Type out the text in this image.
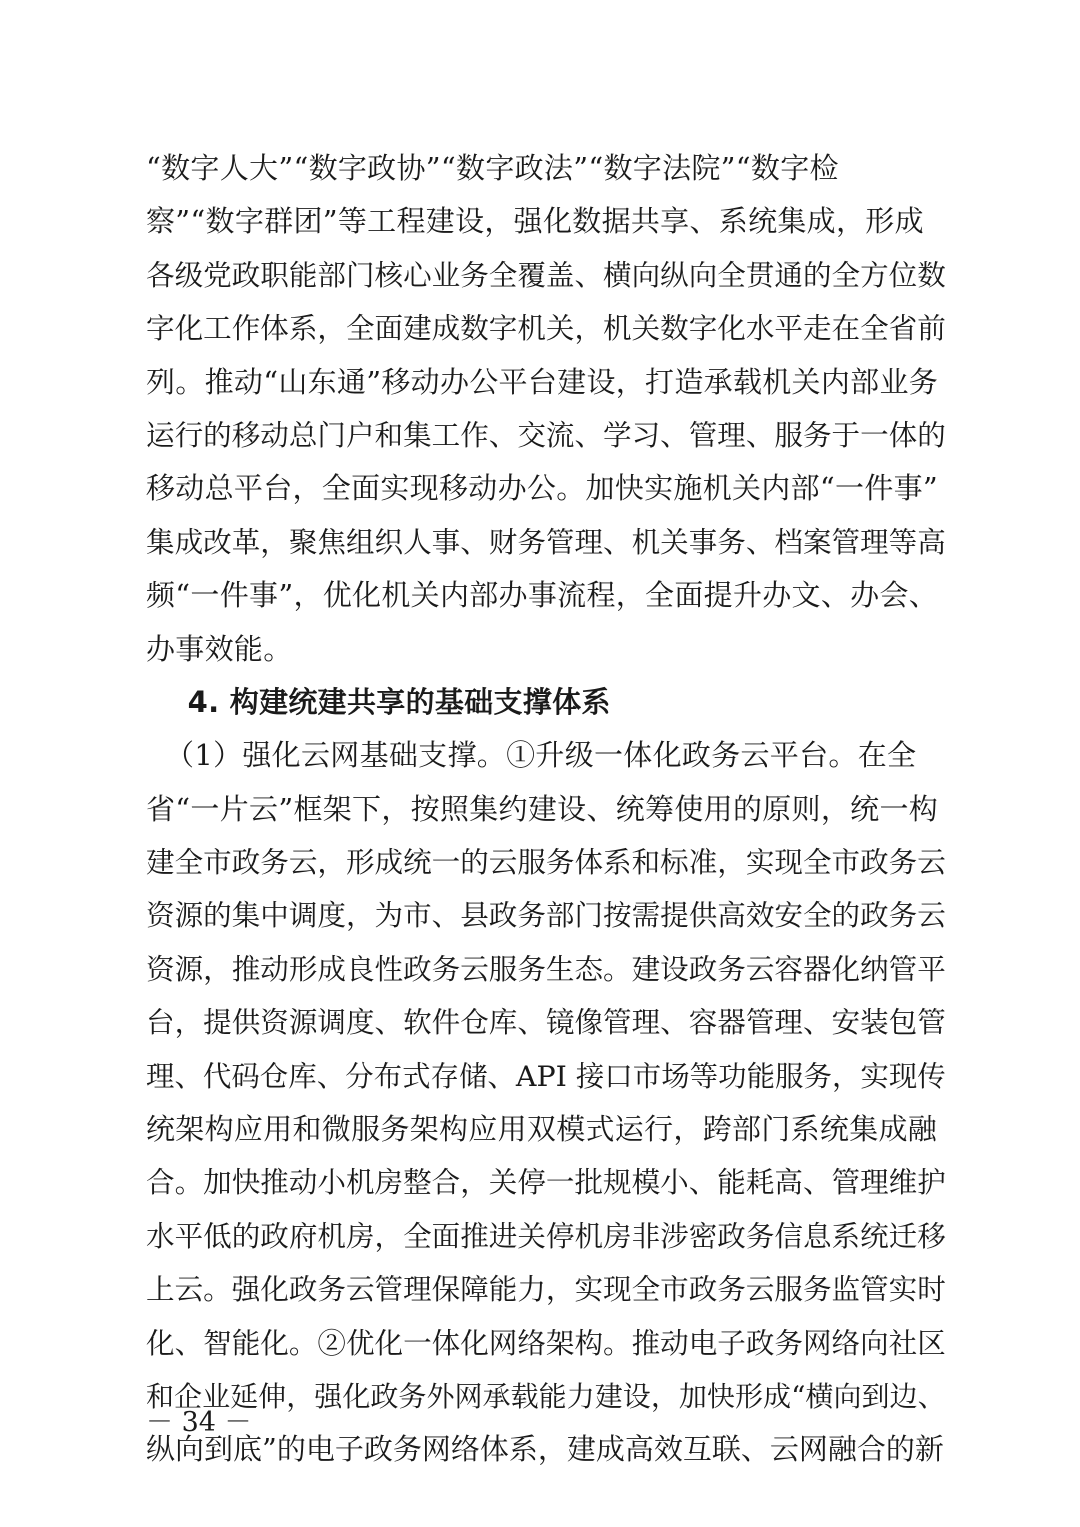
“数字人大”“数字政协”“数字政法”“数字法院”“数字检
察”“数字群团”等工程建设，强化数据共享、系统集成，形成
各级党政职能部门核心业务全覆盖、横向纵向全贯通的全方位数
字化工作体系，全面建成数字机关，机关数字化水平走在全省前
列。推动“山东通”移动办公平台建设，打造承载机关内部业务
运行的移动总门户和集工作、交流、学习、管理、服务于一体的
移动总平台，全面实现移动办公。加快实施机关内部“一件事”
集成改革，聚焦组织人事、财务管理、机关事务、档案管理等高
频“一件事”，优化机关内部办事流程，全面提升办文、办会、
办事效能。
4. 构建统建共享的基础支撑体系
（1）强化云网基础支撑。①升级一体化政务云平台。在全
省“一片云”框架下，按照集约建设、统筹使用的原则，统一构
建全市政务云，形成统一的云服务体系和标准，实现全市政务云
资源的集中调度，为市、县政务部门按需提供高效安全的政务云
资源，推动形成良性政务云服务生态。建设政务云容器化纳管平
台，提供资源调度、软件仓库、镜像管理、容器管理、安装包管
理、代码仓库、分布式存储、API 接口市场等功能服务，实现传
统架构应用和微服务架构应用双模式运行，跨部门系统集成融
合。加快推动小机房整合，关停一批规模小、能耗高、管理维护
水平低的政府机房，全面推进关停机房非涉密政务信息系统迁移
上云。强化政务云管理保障能力，实现全市政务云服务监管实时
化、智能化。②优化一体化网络架构。推动电子政务网络向社区
和企业延伸，强化政务外网承载能力建设，加快形成“横向到边、
纵向到底”的电子政务网络体系，建成高效互联、云网融合的新
－ 34 －
